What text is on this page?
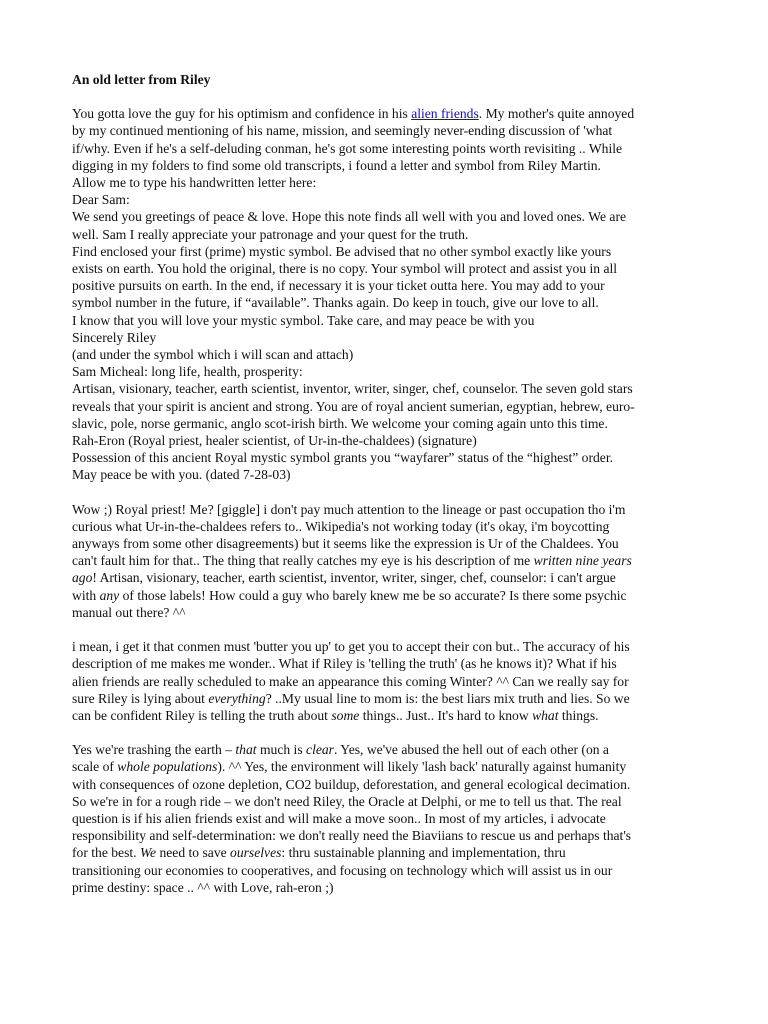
An old letter from Riley
You gotta love the guy for his optimism and confidence in his alien friends. My mother's quite annoyed
by my continued mentioning of his name, mission, and seemingly never-ending discussion of 'what
if/why. Even if he's a self-deluding conman, he's got some interesting points worth revisiting .. While
digging in my folders to find some old transcripts, i found a letter and symbol from Riley Martin.
Allow me to type his handwritten letter here:
Dear Sam:
We send you greetings of peace & love. Hope this note finds all well with you and loved ones. We are
well. Sam I really appreciate your patronage and your quest for the truth.
Find enclosed your first (prime) mystic symbol. Be advised that no other symbol exactly like yours
exists on earth. You hold the original, there is no copy. Your symbol will protect and assist you in all
positive pursuits on earth. In the end, if necessary it is your ticket outta here. You may add to your
symbol number in the future, if “available”. Thanks again. Do keep in touch, give our love to all.
I know that you will love your mystic symbol. Take care, and may peace be with you
Sincerely Riley
(and under the symbol which i will scan and attach)
Sam Micheal: long life, health, prosperity:
Artisan, visionary, teacher, earth scientist, inventor, writer, singer, chef, counselor. The seven gold stars
reveals that your spirit is ancient and strong. You are of royal ancient sumerian, egyptian, hebrew, euro-
slavic, pole, norse germanic, anglo scot-irish birth. We welcome your coming again unto this time.
Rah-Eron (Royal priest, healer scientist, of Ur-in-the-chaldees) (signature)
Possession of this ancient Royal mystic symbol grants you “wayfarer” status of the “highest” order.
May peace be with you. (dated 7-28-03)
Wow ;) Royal priest! Me? [giggle] i don't pay much attention to the lineage or past occupation tho i'm
curious what Ur-in-the-chaldees refers to.. Wikipedia's not working today (it's okay, i'm boycotting
anyways from some other disagreements) but it seems like the expression is Ur of the Chaldees. You
can't fault him for that.. The thing that really catches my eye is his description of me written nine years
ago! Artisan, visionary, teacher, earth scientist, inventor, writer, singer, chef, counselor: i can't argue
with any of those labels! How could a guy who barely knew me be so accurate? Is there some psychic
manual out there? ^^
i mean, i get it that conmen must 'butter you up' to get you to accept their con but.. The accuracy of his
description of me makes me wonder.. What if Riley is 'telling the truth' (as he knows it)? What if his
alien friends are really scheduled to make an appearance this coming Winter? ^^ Can we really say for
sure Riley is lying about everything? ..My usual line to mom is: the best liars mix truth and lies. So we
can be confident Riley is telling the truth about some things.. Just.. It's hard to know what things.
Yes we're trashing the earth – that much is clear. Yes, we've abused the hell out of each other (on a
scale of whole populations). ^^ Yes, the environment will likely 'lash back' naturally against humanity
with consequences of ozone depletion, CO2 buildup, deforestation, and general ecological decimation.
So we're in for a rough ride – we don't need Riley, the Oracle at Delphi, or me to tell us that. The real
question is if his alien friends exist and will make a move soon.. In most of my articles, i advocate
responsibility and self-determination: we don't really need the Biaviians to rescue us and perhaps that's
for the best. We need to save ourselves: thru sustainable planning and implementation, thru
transitioning our economies to cooperatives, and focusing on technology which will assist us in our
prime destiny: space .. ^^ with Love, rah-eron ;)
